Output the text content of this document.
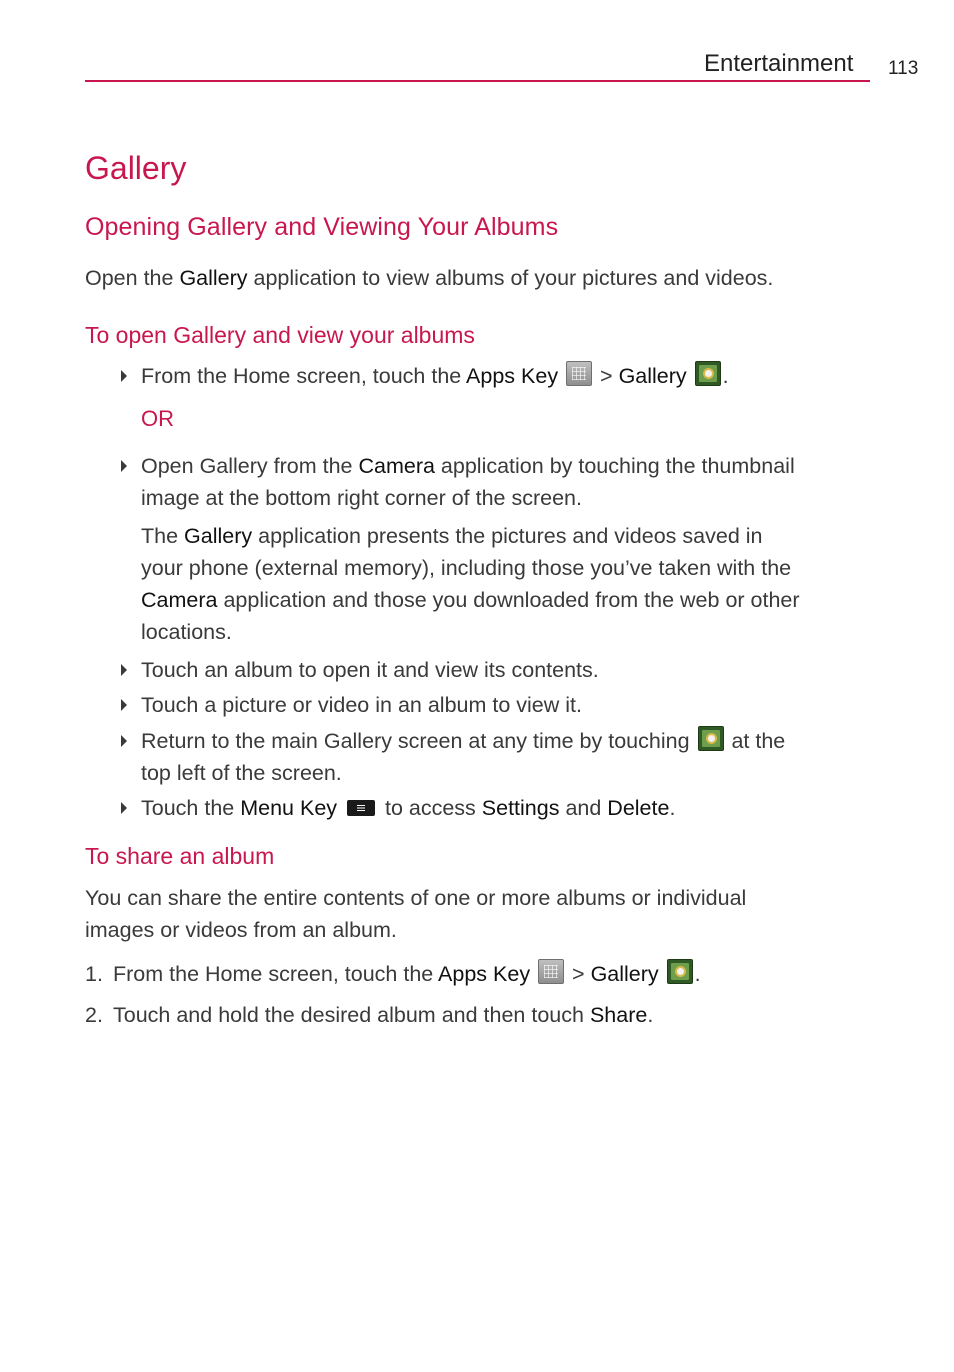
Entertainment 113
Gallery
Opening Gallery and Viewing Your Albums

Open the Gallery application to view albums of your pictures and videos.

To open Gallery and view your albums

From the Home screen, touch the Apps Key  > Gallery .

OR

Open Gallery from the Camera application by touching the thumbnail
image at the bottom right corner of the screen.

The Gallery application presents the pictures and videos saved in
your phone (external memory), including those you’ve taken with the
Camera application and those you downloaded from the web or other
locations.

Touch an album to open it and view its contents.

Touch a picture or video in an album to view it.

Return to the main Gallery screen at any time by touching  at the
top left of the screen.

Touch the Menu Key  to access Settings and Delete.

To share an album

You can share the entire contents of one or more albums or individual
images or videos from an album.

1. From the Home screen, touch the Apps Key  > Gallery .

2. Touch and hold the desired album and then touch Share.
